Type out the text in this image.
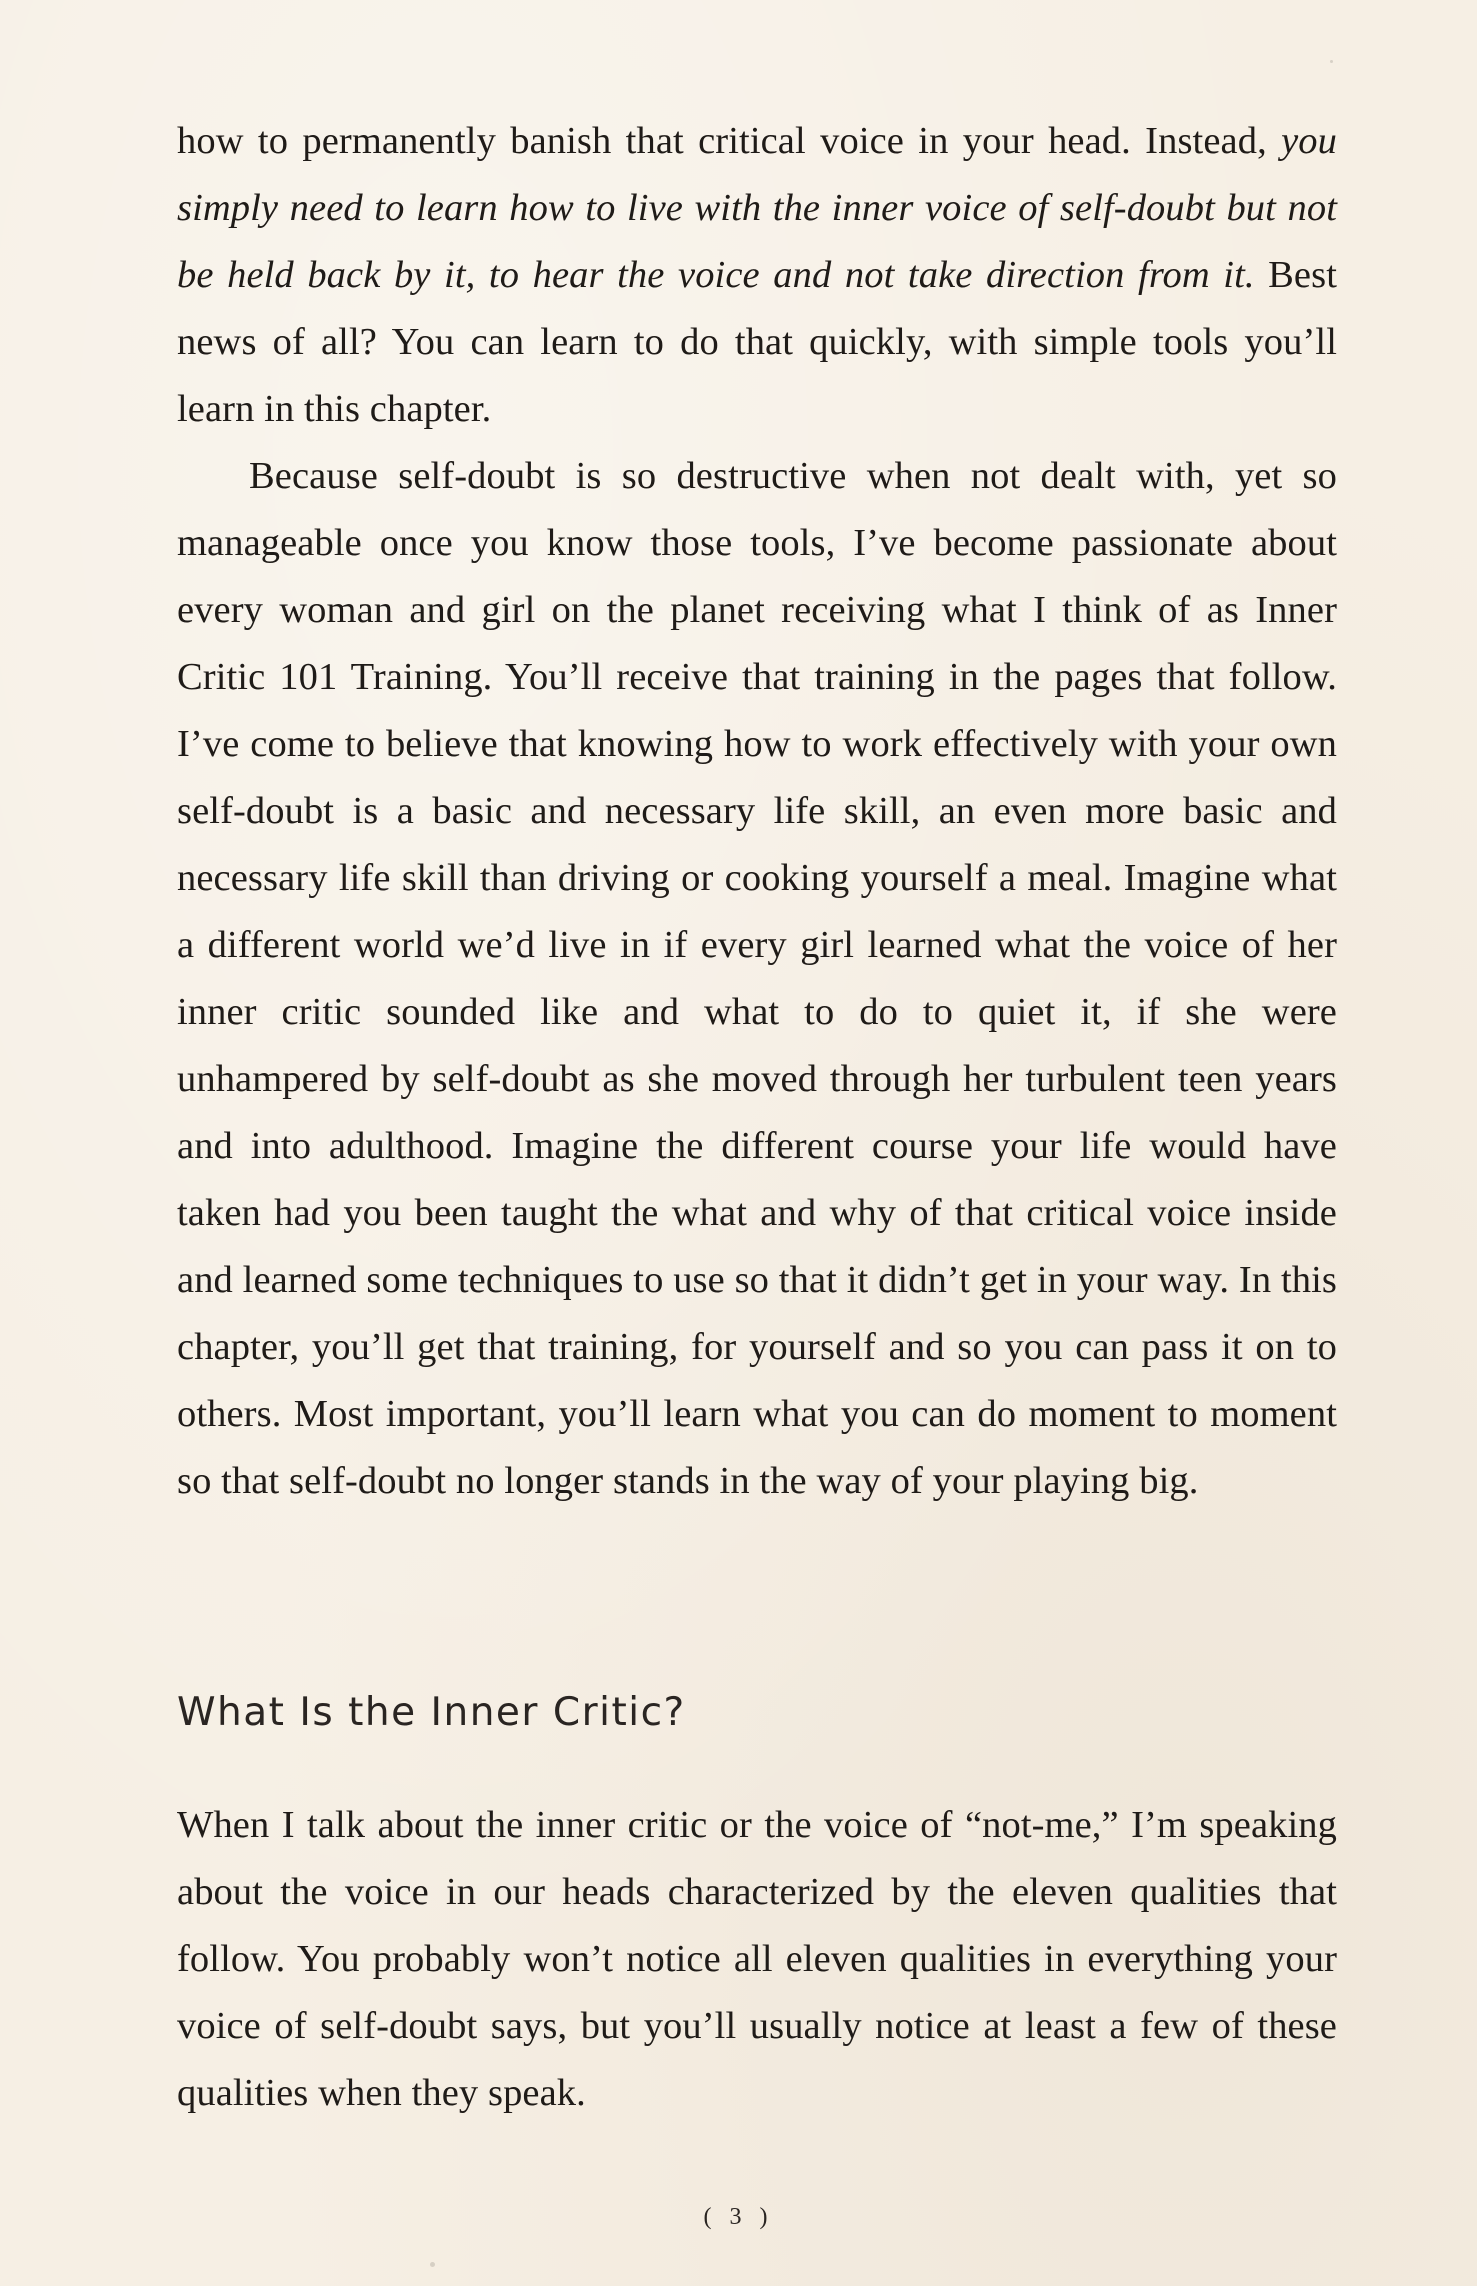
how to permanently banish that critical voice in your head. Instead, you simply need to learn how to live with the inner voice of self-doubt but not be held back by it, to hear the voice and not take direction from it. Best news of all? You can learn to do that quickly, with simple tools you’ll learn in this chapter.

Because self-doubt is so destructive when not dealt with, yet so manageable once you know those tools, I’ve become passionate about every woman and girl on the planet receiving what I think of as Inner Critic 101 Training. You’ll receive that training in the pages that follow. I’ve come to believe that knowing how to work effectively with your own self-doubt is a basic and necessary life skill, an even more basic and necessary life skill than driving or cooking yourself a meal. Imagine what a different world we’d live in if every girl learned what the voice of her inner critic sounded like and what to do to quiet it, if she were unhampered by self-doubt as she moved through her turbulent teen years and into adulthood. Imagine the different course your life would have taken had you been taught the what and why of that critical voice inside and learned some techniques to use so that it didn’t get in your way. In this chapter, you’ll get that training, for yourself and so you can pass it on to others. Most important, you’ll learn what you can do moment to moment so that self-doubt no longer stands in the way of your playing big.

What Is the Inner Critic?

When I talk about the inner critic or the voice of “not-me,” I’m speaking about the voice in our heads characterized by the eleven qualities that follow. You probably won’t notice all eleven qualities in everything your voice of self-doubt says, but you’ll usually notice at least a few of these qualities when they speak.

( 3 )
